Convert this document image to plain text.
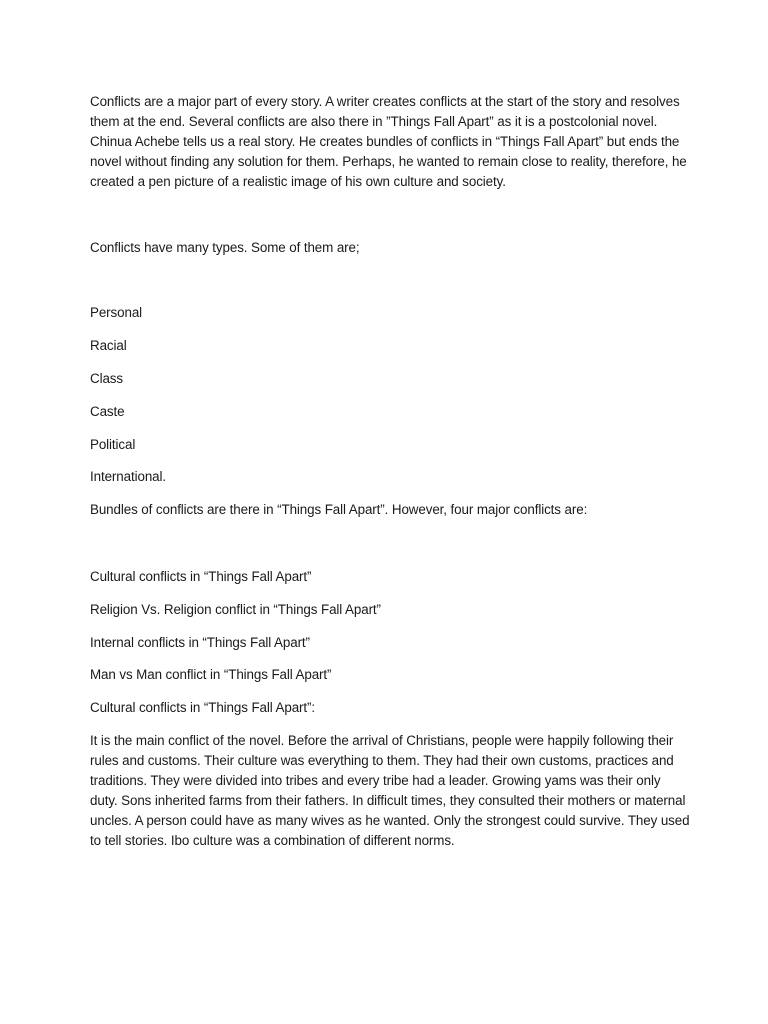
Conflicts are a major part of every story. A writer creates conflicts at the start of the story and resolves them at the end. Several conflicts are also there in ”Things Fall Apart” as it is a postcolonial novel. Chinua Achebe tells us a real story. He creates bundles of conflicts in “Things Fall Apart” but ends the novel without finding any solution for them. Perhaps, he wanted to remain close to reality, therefore, he created a pen picture of a realistic image of his own culture and society.

Conflicts have many types. Some of them are;

Personal

Racial

Class

Caste

Political

International.

Bundles of conflicts are there in “Things Fall Apart”. However, four major conflicts are:

Cultural conflicts in “Things Fall Apart”

Religion Vs. Religion conflict in “Things Fall Apart”

Internal conflicts in “Things Fall Apart”

Man vs Man conflict in “Things Fall Apart”

Cultural conflicts in “Things Fall Apart”:

It is the main conflict of the novel. Before the arrival of Christians, people were happily following their rules and customs. Their culture was everything to them. They had their own customs, practices and traditions. They were divided into tribes and every tribe had a leader. Growing yams was their only duty. Sons inherited farms from their fathers. In difficult times, they consulted their mothers or maternal uncles. A person could have as many wives as he wanted. Only the strongest could survive. They used to tell stories. Ibo culture was a combination of different norms.
